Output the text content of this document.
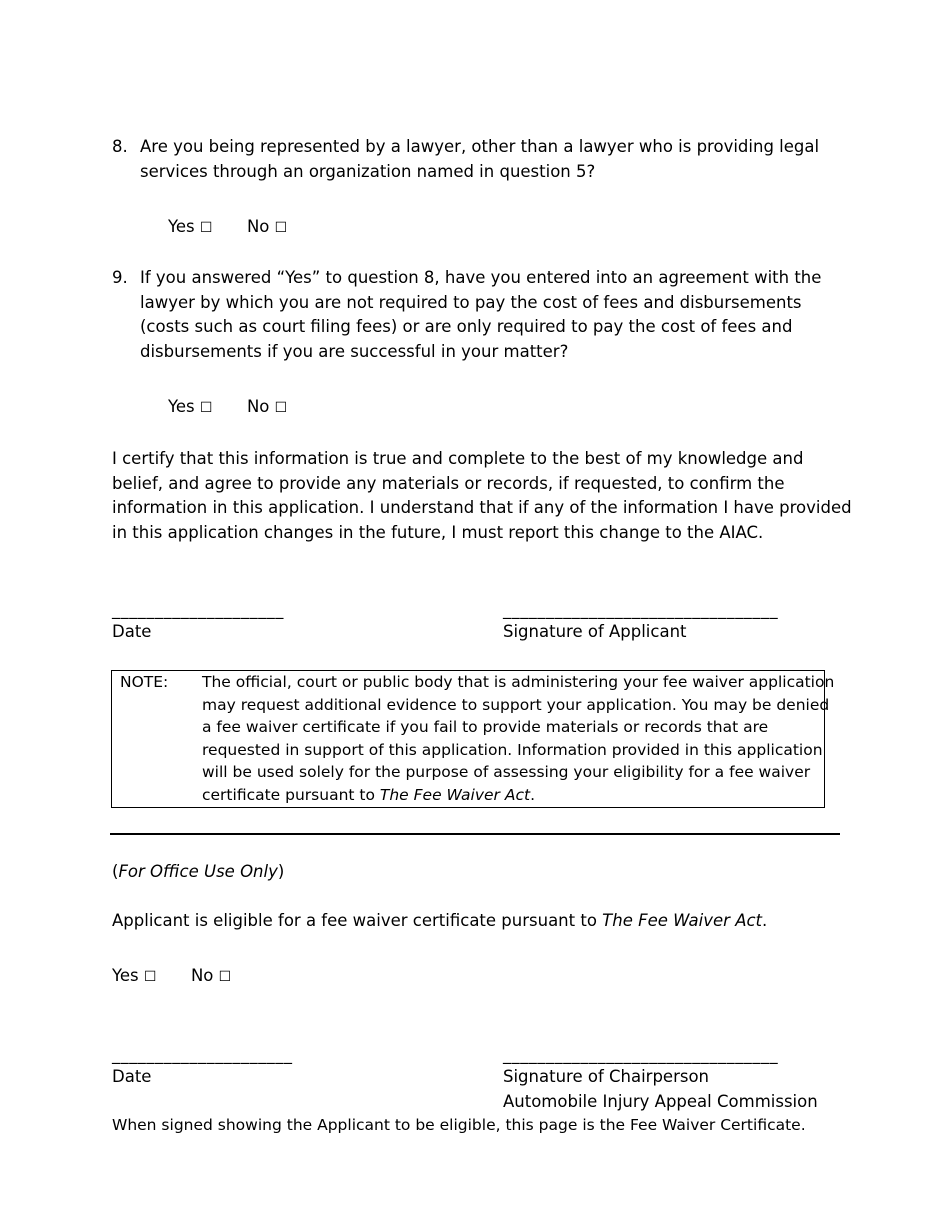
8. Are you being represented by a lawyer, other than a lawyer who is providing legal
services through an organization named in question 5?
Yes ☐ No ☐
9. If you answered “Yes” to question 8, have you entered into an agreement with the
lawyer by which you are not required to pay the cost of fees and disbursements
(costs such as court filing fees) or are only required to pay the cost of fees and
disbursements if you are successful in your matter?
Yes ☐ No ☐
I certify that this information is true and complete to the best of my knowledge and
belief, and agree to provide any materials or records, if requested, to confirm the
information in this application. I understand that if any of the information I have provided
in this application changes in the future, I must report this change to the AIAC.
____________________
Date
________________________________
Signature of Applicant
NOTE: The official, court or public body that is administering your fee waiver application
may request additional evidence to support your application. You may be denied
a fee waiver certificate if you fail to provide materials or records that are
requested in support of this application. Information provided in this application
will be used solely for the purpose of assessing your eligibility for a fee waiver
certificate pursuant to The Fee Waiver Act.
(For Office Use Only)
Applicant is eligible for a fee waiver certificate pursuant to The Fee Waiver Act.
Yes ☐ No ☐
_____________________
Date
________________________________
Signature of Chairperson
Automobile Injury Appeal Commission
When signed showing the Applicant to be eligible, this page is the Fee Waiver Certificate.
